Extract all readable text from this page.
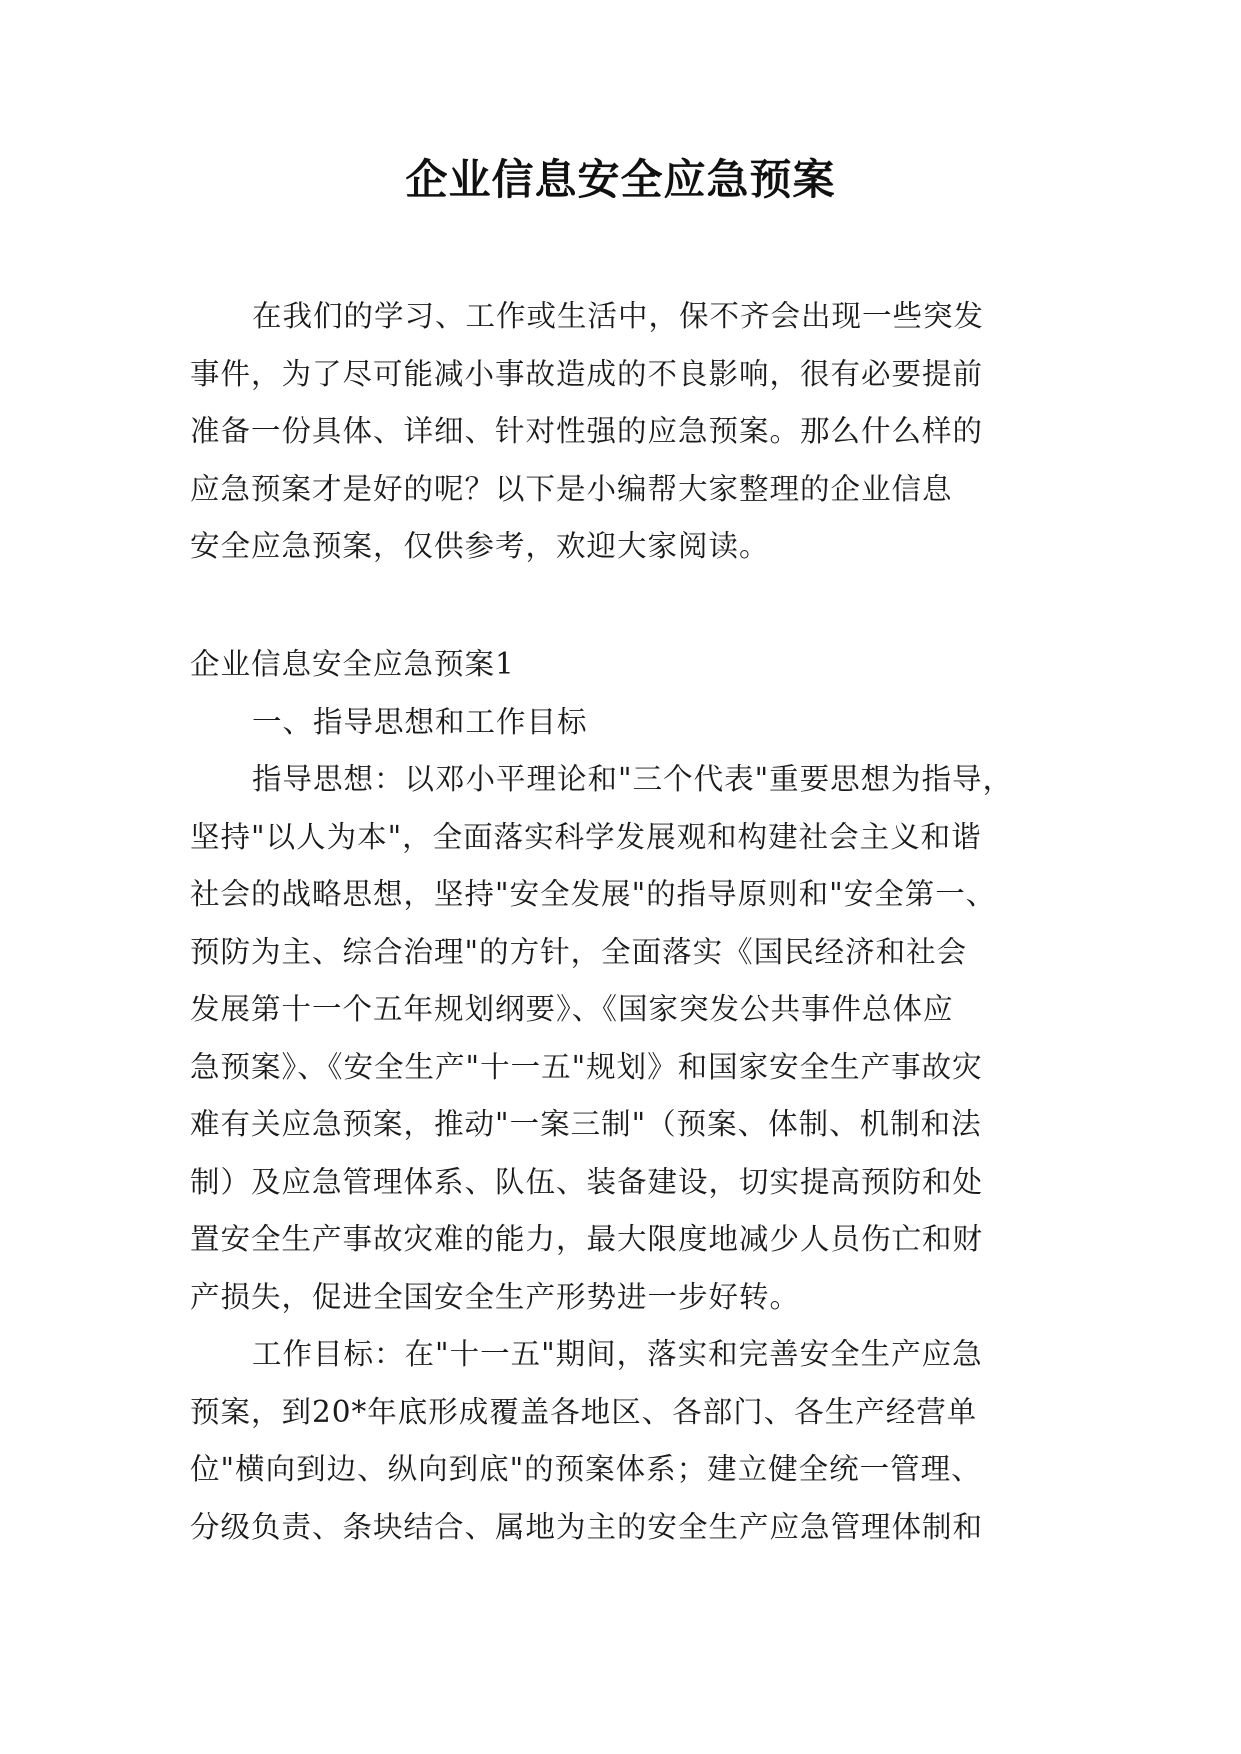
企业信息安全应急预案
在我们的学习、工作或生活中，保不齐会出现一些突发
事件，为了尽可能减小事故造成的不良影响，很有必要提前
准备一份具体、详细、针对性强的应急预案。那么什么样的
应急预案才是好的呢？以下是小编帮大家整理的企业信息
安全应急预案，仅供参考，欢迎大家阅读。
企业信息安全应急预案1
一、指导思想和工作目标
指导思想：以邓小平理论和"三个代表"重要思想为指导，
坚持"以人为本"，全面落实科学发展观和构建社会主义和谐
社会的战略思想，坚持"安全发展"的指导原则和"安全第一、
预防为主、综合治理"的方针，全面落实《国民经济和社会
发展第十一个五年规划纲要》、《国家突发公共事件总体应
急预案》、《安全生产"十一五"规划》和国家安全生产事故灾
难有关应急预案，推动"一案三制"（预案、体制、机制和法
制）及应急管理体系、队伍、装备建设，切实提高预防和处
置安全生产事故灾难的能力，最大限度地减少人员伤亡和财
产损失，促进全国安全生产形势进一步好转。
工作目标：在"十一五"期间，落实和完善安全生产应急
预案，到20*年底形成覆盖各地区、各部门、各生产经营单
位"横向到边、纵向到底"的预案体系；建立健全统一管理、
分级负责、条块结合、属地为主的安全生产应急管理体制和
